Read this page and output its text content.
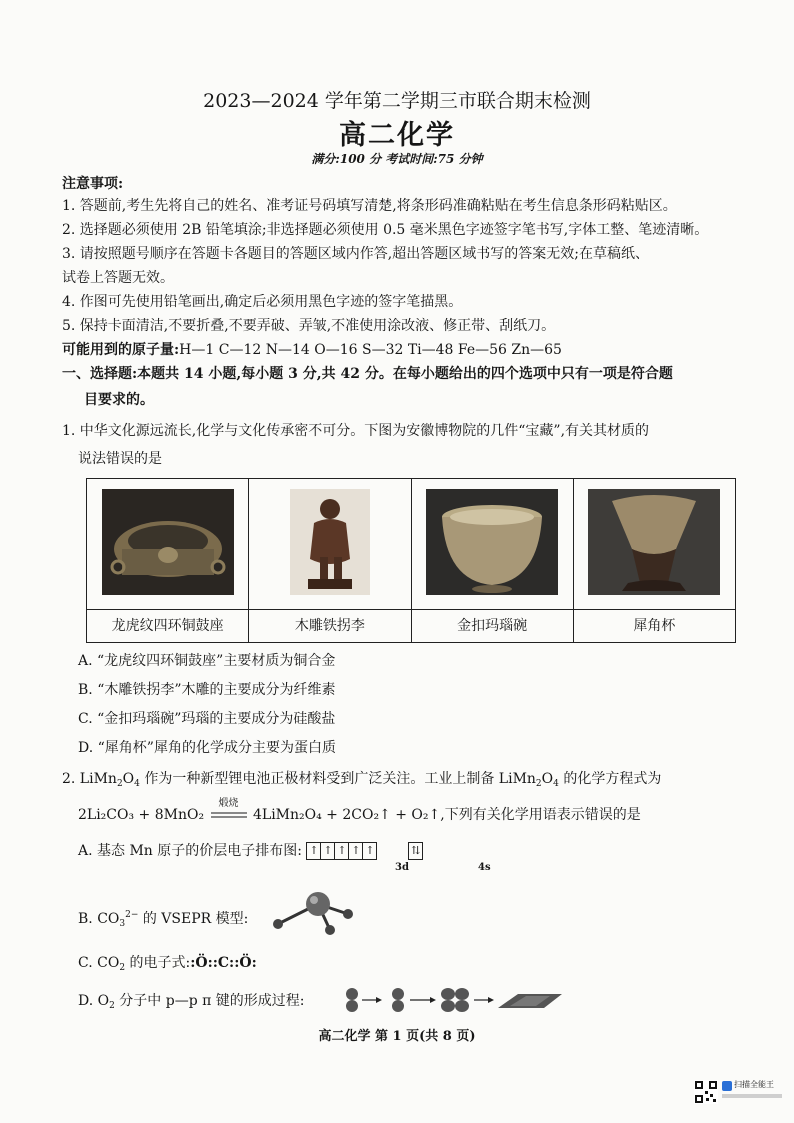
2023—2024 学年第二学期三市联合期末检测
高二化学
满分:100 分 考试时间:75 分钟
注意事项:
1. 答题前,考生先将自己的姓名、准考证号码填写清楚,将条形码准确粘贴在考生信息条形码粘贴区。
2. 选择题必须使用 2B 铅笔填涂;非选择题必须使用 0.5 毫米黑色字迹签字笔书写,字体工整、笔迹清晰。
3. 请按照题号顺序在答题卡各题目的答题区域内作答,超出答题区域书写的答案无效;在草稿纸、
试卷上答题无效。
4. 作图可先使用铅笔画出,确定后必须用黑色字迹的签字笔描黑。
5. 保持卡面清洁,不要折叠,不要弄破、弄皱,不准使用涂改液、修正带、刮纸刀。
可能用到的原子量:H—1 C—12 N—14 O—16 S—32 Ti—48 Fe—56 Zn—65
一、选择题:本题共 14 小题,每小题 3 分,共 42 分。在每小题给出的四个选项中只有一项是符合题
目要求的。
1. 中华文化源远流长,化学与文化传承密不可分。下图为安徽博物院的几件“宝藏”,有关其材质的
说法错误的是

龙虎纹四环铜鼓座	木雕铁拐李	金扣玛瑙碗	犀角杯
A. “龙虎纹四环铜鼓座”主要材质为铜合金
B. “木雕铁拐李”木雕的主要成分为纤维素
C. “金扣玛瑙碗”玛瑙的主要成分为硅酸盐
D. “犀角杯”犀角的化学成分主要为蛋白质
2. $LiMn_2O_4$ 作为一种新型锂电池正极材料受到广泛关注。工业上制备 $LiMn_2O_4$ 的化学方程式为
2Li₂CO₃ + 8MnO₂
煅烧
4LiMn₂O₄ + 2CO₂↑ + O₂↑,下列有关化学用语表示错误的是
A. 基态 Mn 原子的价层电子排布图: ↑ ↑ ↑ ↑ ↑
	⇅
3d	4s
B. $CO_3^{2-}$ 的 VSEPR 模型:
C. $CO_2$ 的电子式::Ö::C::Ö:
D. $O_2$ 分子中 p—p π 键的形成过程:
高二化学 第 1 页(共 8 页)
扫描全能王
